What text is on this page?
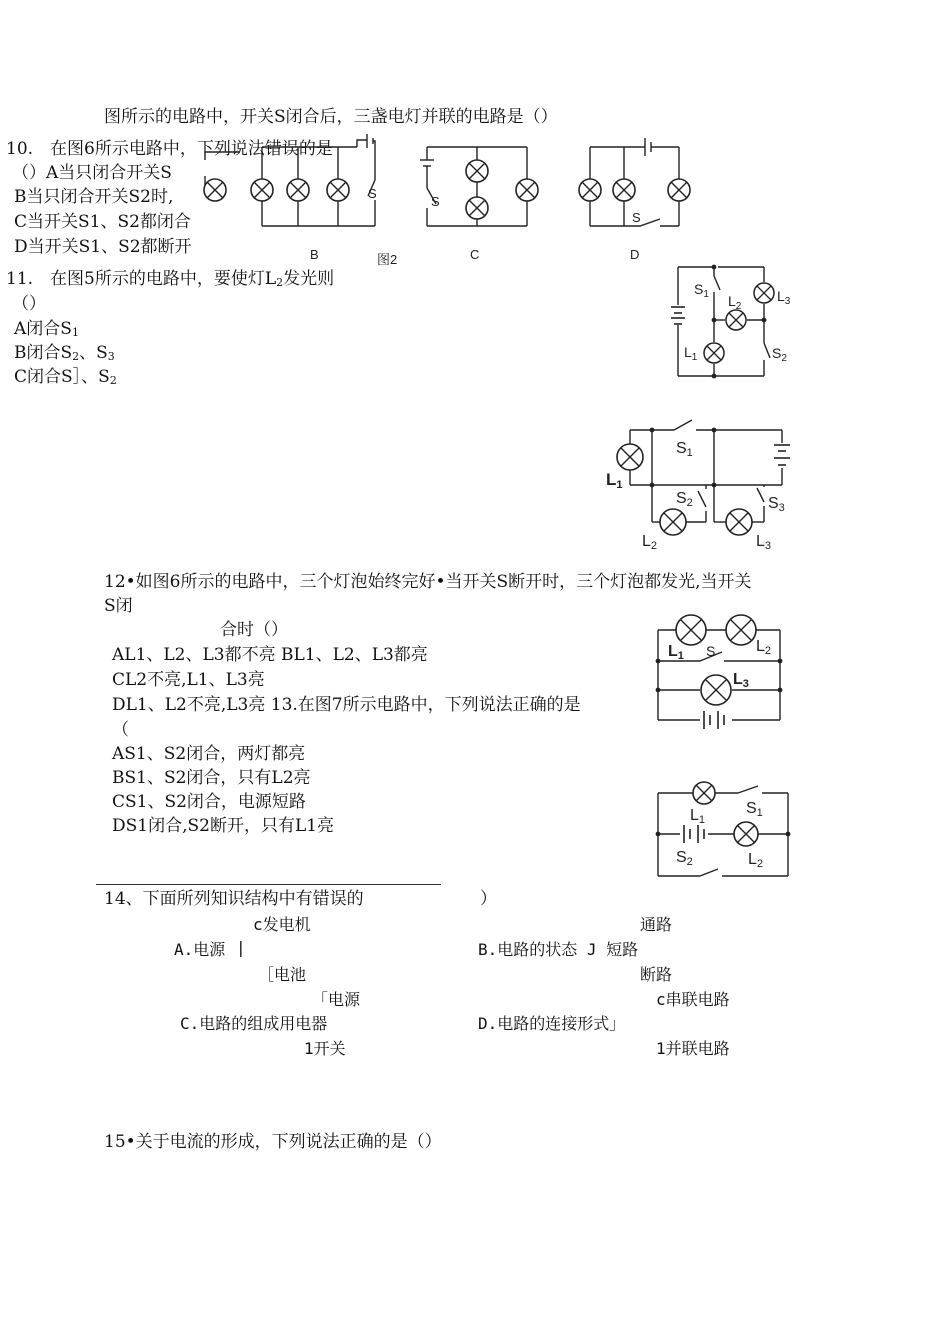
图所示的电路中，开关S闭合后，三盏电灯并联的电路是（）
10. 在图6所示电路中，下列说法错误的是
（）A当只闭合开关S
B当只闭合开关S2时,
C当开关S1、S2都闭合
D当开关S1、S2都断开
S
S
S
B	图2	C	D
11. 在图5所示的电路中，要使灯$L_2$发光则
（）
A闭合$S_1$
B闭合$S_2$、$S_3$
C闭合S］、$S_2$
$S_1$ $L_2$
$L_3$
$L_1$	$S_2$
S1
L1
S2	S3
L2	L3
12•如图6所示的电路中，三个灯泡始终完好•当开关S断开时，三个灯泡都发光,当开关
S闭
合时（）
AL1、L2、L3都不亮 BL1、L2、L3都亮
CL2不亮,L1、L3亮
DL1、L2不亮,L3亮 13.在图7所示电路中，下列说法正确的是
（
AS1、S2闭合，两灯都亮
BS1、S2闭合，只有L2亮
CS1、S2闭合，电源短路
DS1闭合,S2断开，只有L1亮
L1 S	L2
L3
L1
S1
S2	L2
14、下面所列知识结构中有错误的	）
c发电机
A.电源 |
［电池
通路
B.电路的状态 J 短路
断路
「电源
C.电路的组成用电器
1开关
c串联电路
D.电路的连接形式」
1并联电路
15•关于电流的形成，下列说法正确的是（）
